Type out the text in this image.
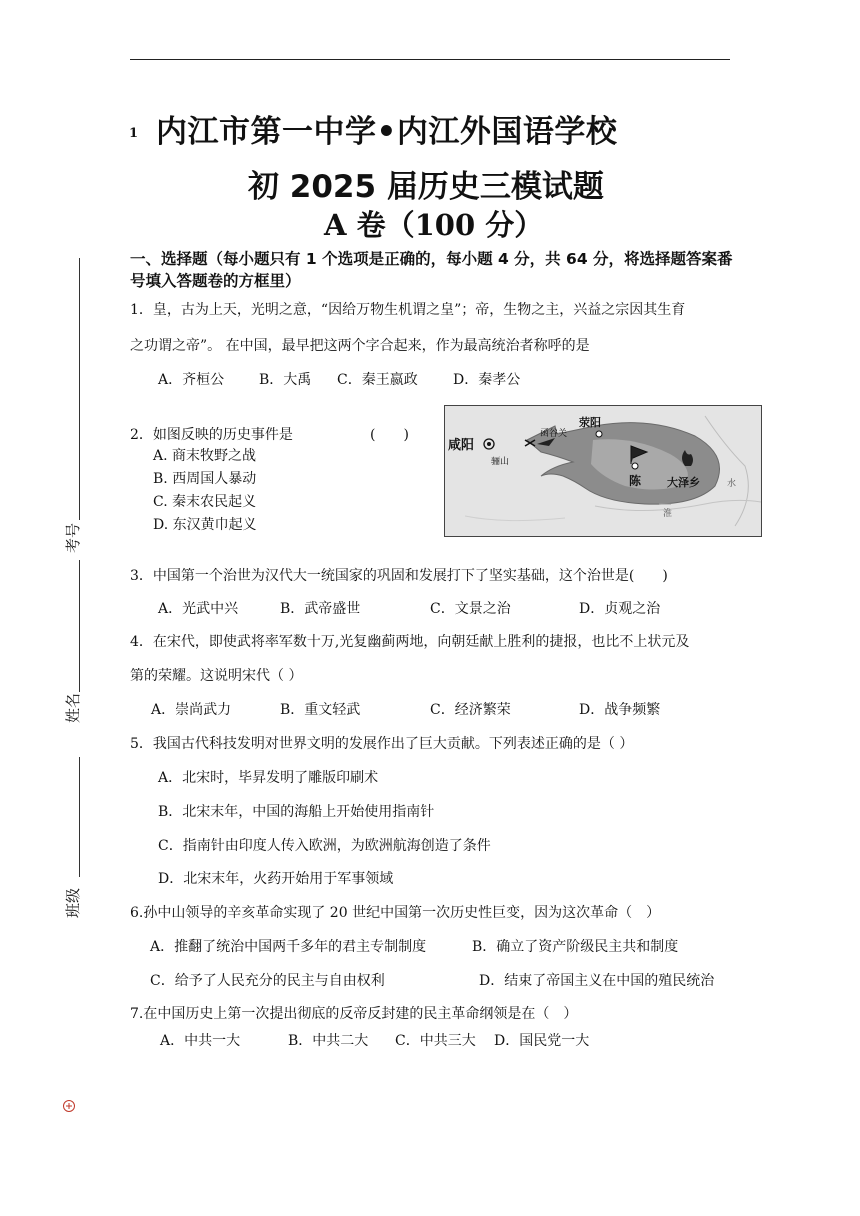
1 内江市第一中学•内江外国语学校
初 2025 届历史三模试题
A 卷（100 分）
一、选择题（每小题只有 1 个选项是正确的，每小题 4 分，共 64 分，将选择题答案番号填入答题卷的方框里）
考号
姓名
班级
1．皇，古为上天，光明之意，“因给万物生机谓之皇”；帝，生物之主，兴益之宗因其生育
之功谓之帝”。 在中国，最早把这两个字合起来，作为最高统治者称呼的是
A．齐桓公 B．大禹 C．秦王嬴政	D．秦孝公
2．如图反映的历史事件是	(　　)
A. 商末牧野之战
B. 西周国人暴动
C. 秦末农民起义
D. 东汉黄巾起义
咸阳
骊山
函谷关
荥阳
陈 大泽乡	水
淮
3．中国第一个治世为汉代大一统国家的巩固和发展打下了坚实基础，这个治世是(　　)
A．光武中兴	B．武帝盛世	C．文景之治	D．贞观之治
4．在宋代，即使武将率军数十万,光复幽蓟两地，向朝廷献上胜利的捷报，也比不上状元及
第的荣耀。这说明宋代（ ）
A．崇尚武力	B．重文轻武	C．经济繁荣	D．战争频繁
5．我国古代科技发明对世界文明的发展作出了巨大贡献。下列表述正确的是（ ）
A．北宋时，毕昇发明了雕版印刷术
B．北宋末年，中国的海船上开始使用指南针
C．指南针由印度人传入欧洲，为欧洲航海创造了条件
D．北宋末年，火药开始用于军事领域
6.孙中山领导的辛亥革命实现了 20 世纪中国第一次历史性巨变，因为这次革命（　）
A．推翻了统治中国两千多年的君主专制制度	B．确立了资产阶级民主共和制度
C．给予了人民充分的民主与自由权利	D．结束了帝国主义在中国的殖民统治
7.在中国历史上第一次提出彻底的反帝反封建的民主革命纲领是在（　）
A．中共一大	B．中共二大 C．中共三大 D．国民党一大
